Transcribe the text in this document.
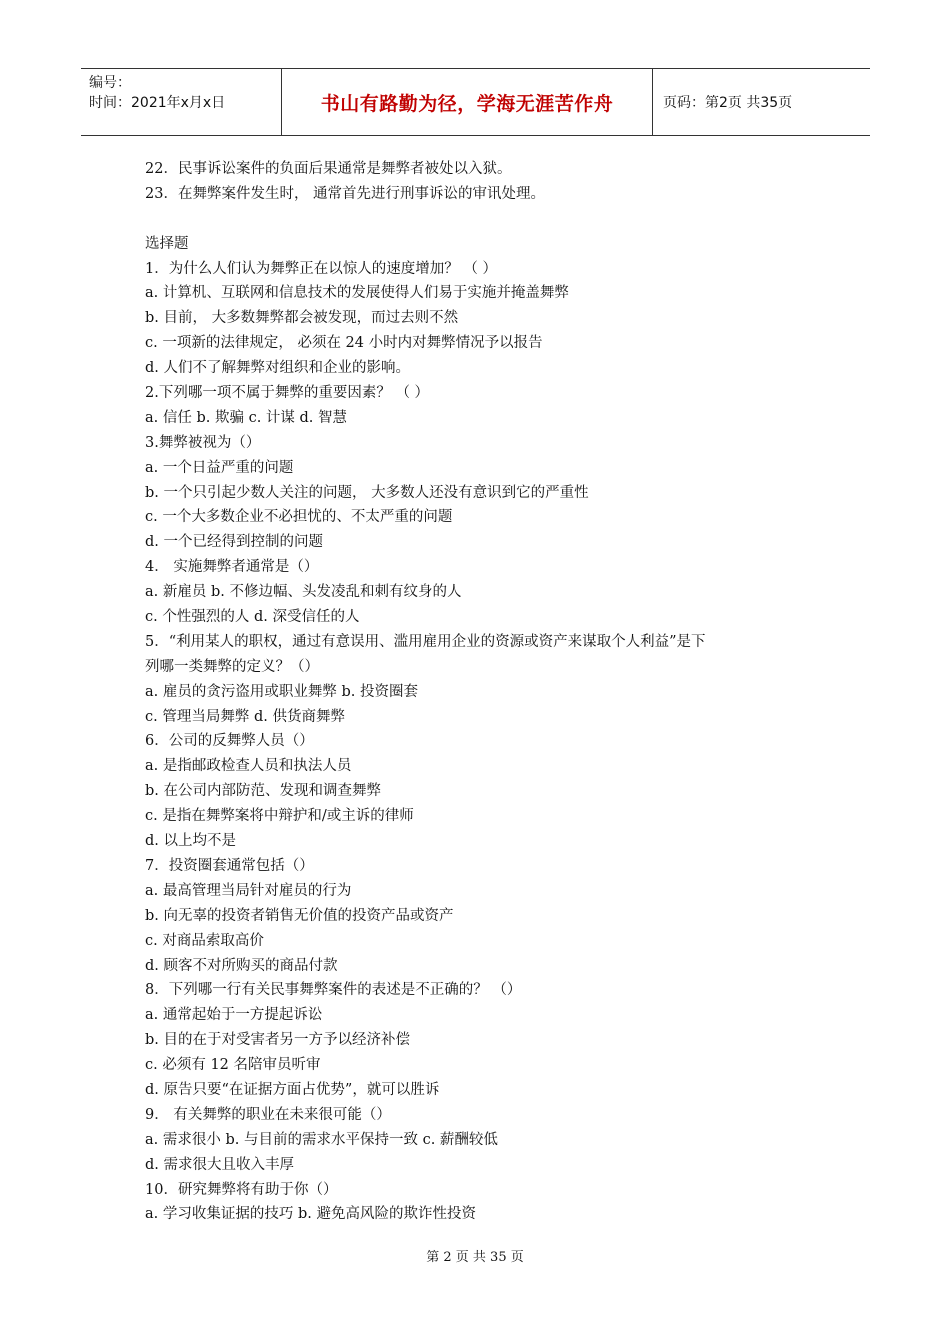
编号：
时间：2021年x月x日	书山有路勤为径，学海无涯苦作舟	页码：第2页 共35页
22．民事诉讼案件的负面后果通常是舞弊者被处以入狱。
23．在舞弊案件发生时， 通常首先进行刑事诉讼的审讯处理。
选择题
1．为什么人们认为舞弊正在以惊人的速度增加？ （ ）
a. 计算机、互联网和信息技术的发展使得人们易于实施并掩盖舞弊
b. 目前， 大多数舞弊都会被发现，而过去则不然
c. 一项新的法律规定， 必须在 24 小时内对舞弊情况予以报告
d. 人们不了解舞弊对组织和企业的影响。
2.下列哪一项不属于舞弊的重要因素？ （ ）
a. 信任 b. 欺骗 c. 计谋 d. 智慧
3.舞弊被视为（）
a. 一个日益严重的问题
b. 一个只引起少数人关注的问题， 大多数人还没有意识到它的严重性
c. 一个大多数企业不必担忧的、不太严重的问题
d. 一个已经得到控制的问题
4． 实施舞弊者通常是（）
a. 新雇员 b. 不修边幅、头发凌乱和刺有纹身的人
c. 个性强烈的人 d. 深受信任的人
5．“利用某人的职权，通过有意误用、滥用雇用企业的资源或资产来谋取个人利益”是下
列哪一类舞弊的定义？（）
a. 雇员的贪污盗用或职业舞弊 b. 投资圈套
c. 管理当局舞弊 d. 供货商舞弊
6．公司的反舞弊人员（）
a. 是指邮政检查人员和执法人员
b. 在公司内部防范、发现和调查舞弊
c. 是指在舞弊案将中辩护和/或主诉的律师
d. 以上均不是
7．投资圈套通常包括（）
a. 最高管理当局针对雇员的行为
b. 向无辜的投资者销售无价值的投资产品或资产
c. 对商品索取高价
d. 顾客不对所购买的商品付款
8．下列哪一行有关民事舞弊案件的表述是不正确的？ （）
a. 通常起始于一方提起诉讼
b. 目的在于对受害者另一方予以经济补偿
c. 必须有 12 名陪审员听审
d. 原告只要“在证据方面占优势”，就可以胜诉
9． 有关舞弊的职业在未来很可能（）
a. 需求很小 b. 与目前的需求水平保持一致 c. 薪酬较低
d. 需求很大且收入丰厚
10．研究舞弊将有助于你（）
a. 学习收集证据的技巧 b. 避免高风险的欺诈性投资
第 2 页 共 35 页
